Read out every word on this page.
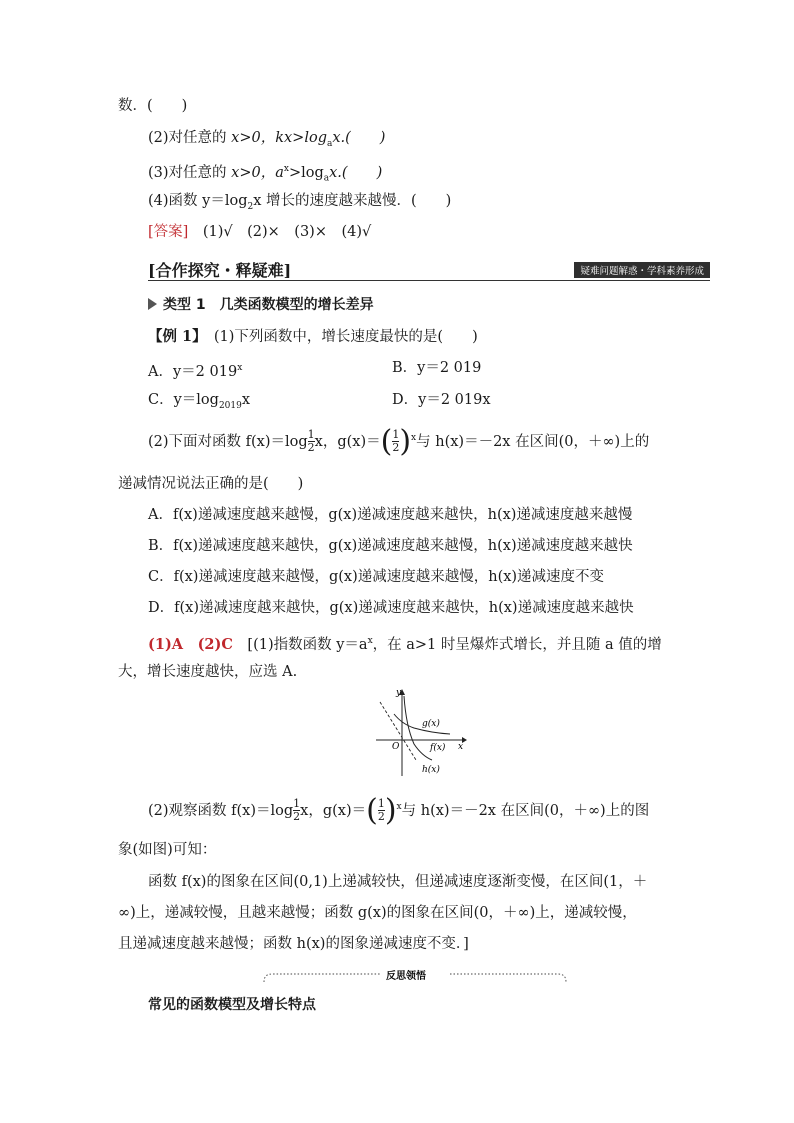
数．(　　)
(2)对任意的 x>0，$kx>\log_ax$.(　　)
(3)对任意的 x>0，$a^x>\log_ax$.(　　)
(4)函数 $y=\log_2x$ 增长的速度越来越慢．(　　)
[答案]　(1)√　(2)×　(3)×　(4)√
[合作探究・释疑难]	疑难问题解惑・学科素养形成
类型 1　几类函数模型的增长差异
【例 1】　(1)下列函数中，增长速度最快的是(　　)
A．y＝2 019$^x$	B．y＝2 019
C．$y=\log_{2019}x$	D．y＝2 019x
(2)下面对函数 $f(x)=\log \frac{1}{2}$ x，$g(x)=( \frac{1}{2} )^x$与 h(x)＝－2x 在区间(0，＋∞)上的
递减情况说法正确的是(　　)
A．f(x)递减速度越来越慢，g(x)递减速度越来越快，h(x)递减速度越来越慢
B．f(x)递减速度越来越快，g(x)递减速度越来越慢，h(x)递减速度越来越快
C．f(x)递减速度越来越慢，g(x)递减速度越来越慢，h(x)递减速度不变
D．f(x)递减速度越来越快，g(x)递减速度越来越快，h(x)递减速度越来越快
(1)A　 (2)C　[(1)指数函数 $y=a^x$，在 a>1 时呈爆炸式增长，并且随 a 值的增
大，增长速度越快，应选 A.
y
x
O
g(x)
f(x)
h(x)
(2)观察函数 $f(x)=\log \frac{1}{2}$ x，$g(x)=( \frac{1}{2} )^x$与 h(x)＝－2x 在区间(0，＋∞)上的图
象(如图)可知：
函数 f(x)的图象在区间(0,1)上递减较快，但递减速度逐渐变慢，在区间(1，＋
∞)上，递减较慢，且越来越慢；函数 g(x)的图象在区间(0，＋∞)上，递减较慢，
且递减速度越来越慢；函数 h(x)的图象递减速度不变．]
反思领悟
常见的函数模型及增长特点
